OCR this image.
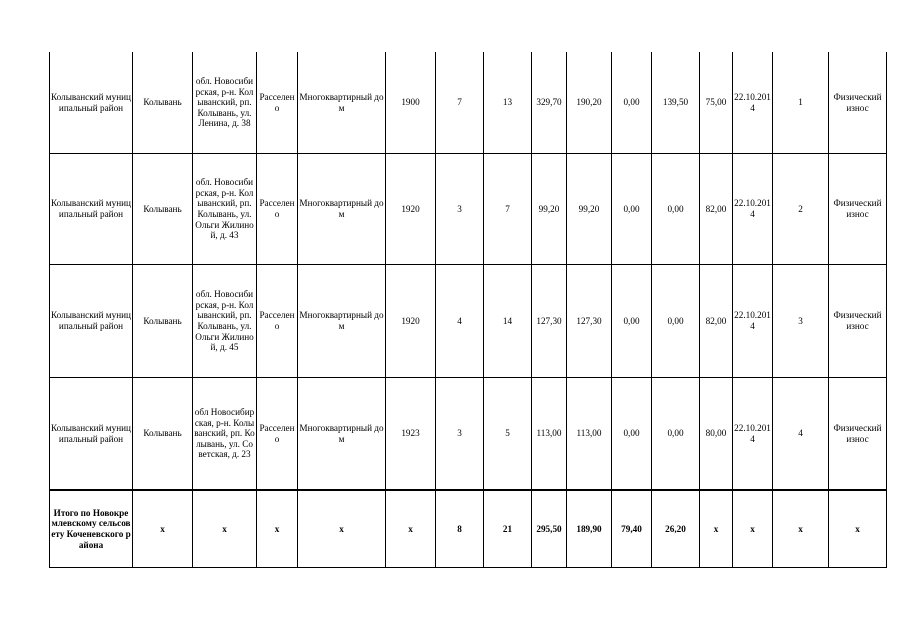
Колыванский муниципальный район	Колывань	обл. Новосибирская, р-н. Колыванский, рп. Колывань, ул. Ленина, д. 38	Расселено	Многоквартирный дом	1900	7	13	329,70	190,20	0,00	139,50	75,00	22.10.2014	1	Физический износ
Колыванский муниципальный район	Колывань	обл. Новосибирская, р-н. Колыванский, рп. Колывань, ул. Ольги Жилиной, д. 43	Расселено	Многоквартирный дом	1920	3	7	99,20	99,20	0,00	0,00	82,00	22.10.2014	2	Физический износ
Колыванский муниципальный район	Колывань	обл. Новосибирская, р-н. Колыванский, рп. Колывань, ул. Ольги Жилиной, д. 45	Расселено	Многоквартирный дом	1920	4	14	127,30	127,30	0,00	0,00	82,00	22.10.2014	3	Физический износ
Колыванский муниципальный район	Колывань	обл Новосибирская, р-н. Колыванский, рп. Колывань, ул. Советская, д. 23	Расселено	Многоквартирный дом	1923	3	5	113,00	113,00	0,00	0,00	80,00	22.10.2014	4	Физический износ
Итого по Новокремлевскому сельсовету Коченевского района	x	x	x	x	x	8	21	295,50	189,90	79,40	26,20	x	x	x	x
